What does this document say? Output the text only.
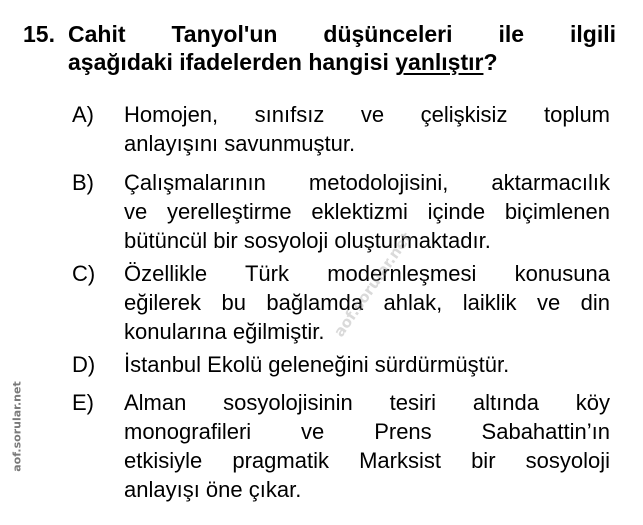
15. Cahit Tanyol'un düşünceleri ile ilgili
aşağıdaki ifadelerden hangisi yanlıştır?
A) Homojen, sınıfsız ve çelişkisiz toplum
anlayışını savunmuştur.
B) Çalışmalarının metodolojisini, aktarmacılık
ve yerelleştirme eklektizmi içinde biçimlenen
bütüncül bir sosyoloji oluşturmaktadır.
C) Özellikle Türk modernleşmesi konusuna
eğilerek bu bağlamda ahlak, laiklik ve din
konularına eğilmiştir.
D) İstanbul Ekolü geleneğini sürdürmüştür.
E) Alman sosyolojisinin tesiri altında köy
monografileri ve Prens Sabahattin’ın
etkisiyle pragmatik Marksist bir sosyoloji
anlayışı öne çıkar.
aof.sorular.net
aof.sorular.net
